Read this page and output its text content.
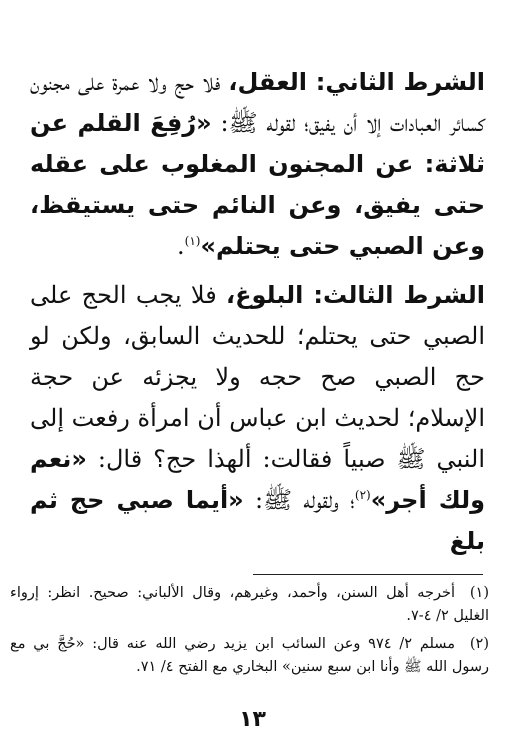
الشرط الثاني: العقل، فلا حج ولا عمرة على مجنون كسائر العبادات إلا أن يفيق؛ لقوله ﷺ: «رُفِعَ القلم عن ثلاثة: عن المجنون المغلوب على عقله حتى يفيق، وعن النائم حتى يستيقظ، وعن الصبي حتى يحتلم»$^{(١)}$.

الشرط الثالث: البلوغ، فلا يجب الحج على الصبي حتى يحتلم؛ للحديث السابق، ولكن لو حج الصبي صح حجه ولا يجزئه عن حجة الإسلام؛ لحديث ابن عباس أن امرأة رفعت إلى النبي ﷺ صبياً فقالت: ألهذا حج؟ قال: «نعم ولك أجر»$^{(٢)}$؛ ولقوله ﷺ: «أيما صبي حج ثم بلغ

(١)أخرجه أهل السنن، وأحمد، وغيرهم، وقال الألباني: صحيح. انظر: إرواء الغليل ٢/ ٤-٧.

(٢)مسلم ٢/ ٩٧٤ وعن السائب ابن يزيد رضي الله عنه قال: «حُجَّ بي مع رسول الله ﷺ وأنا ابن سبع سنين» البخاري مع الفتح ٤/ ٧١.

١٣
